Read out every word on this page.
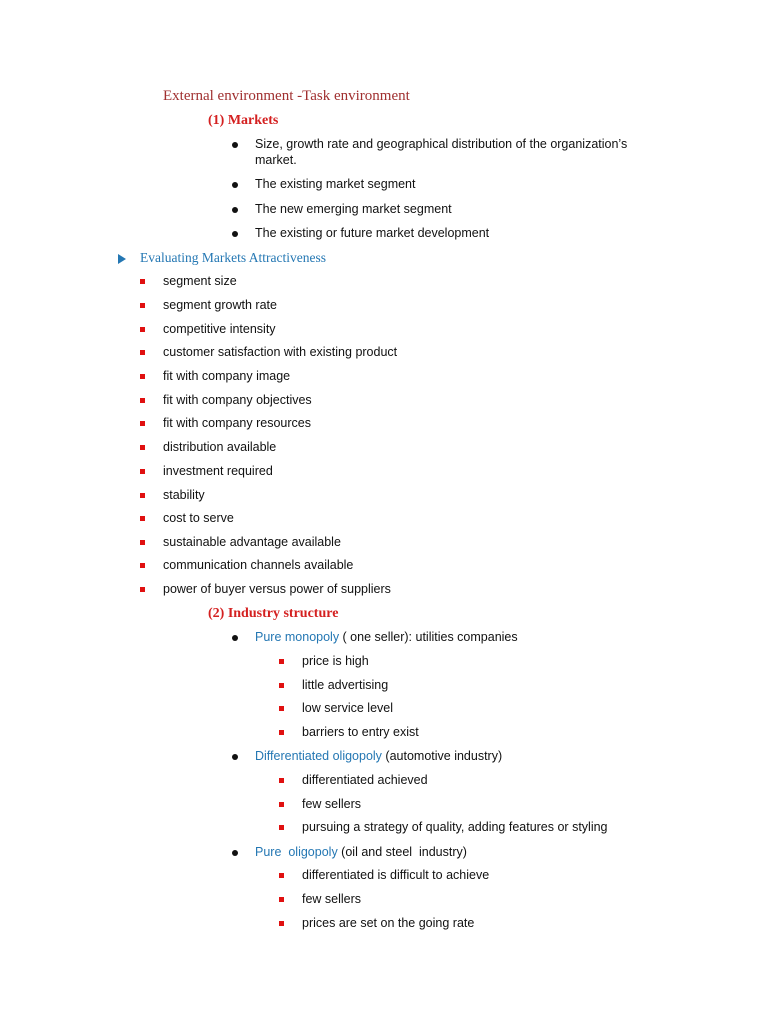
External environment -Task environment
(1) Markets
Size, growth rate and geographical distribution of the organization’s
market.
The existing market segment
The new emerging market segment
The existing or future market development
Evaluating Markets Attractiveness
segment size
segment growth rate
competitive intensity
customer satisfaction with existing product
fit with company image
fit with company objectives
fit with company resources
distribution available
investment required
stability
cost to serve
sustainable advantage available
communication channels available
power of buyer versus power of suppliers
(2) Industry structure
Pure monopoly ( one seller): utilities companies
price is high
little advertising
low service level
barriers to entry exist
Differentiated oligopoly (automotive industry)
differentiated achieved
few sellers
pursuing a strategy of quality, adding features or styling
Pure  oligopoly (oil and steel  industry)
differentiated is difficult to achieve
few sellers
prices are set on the going rate
